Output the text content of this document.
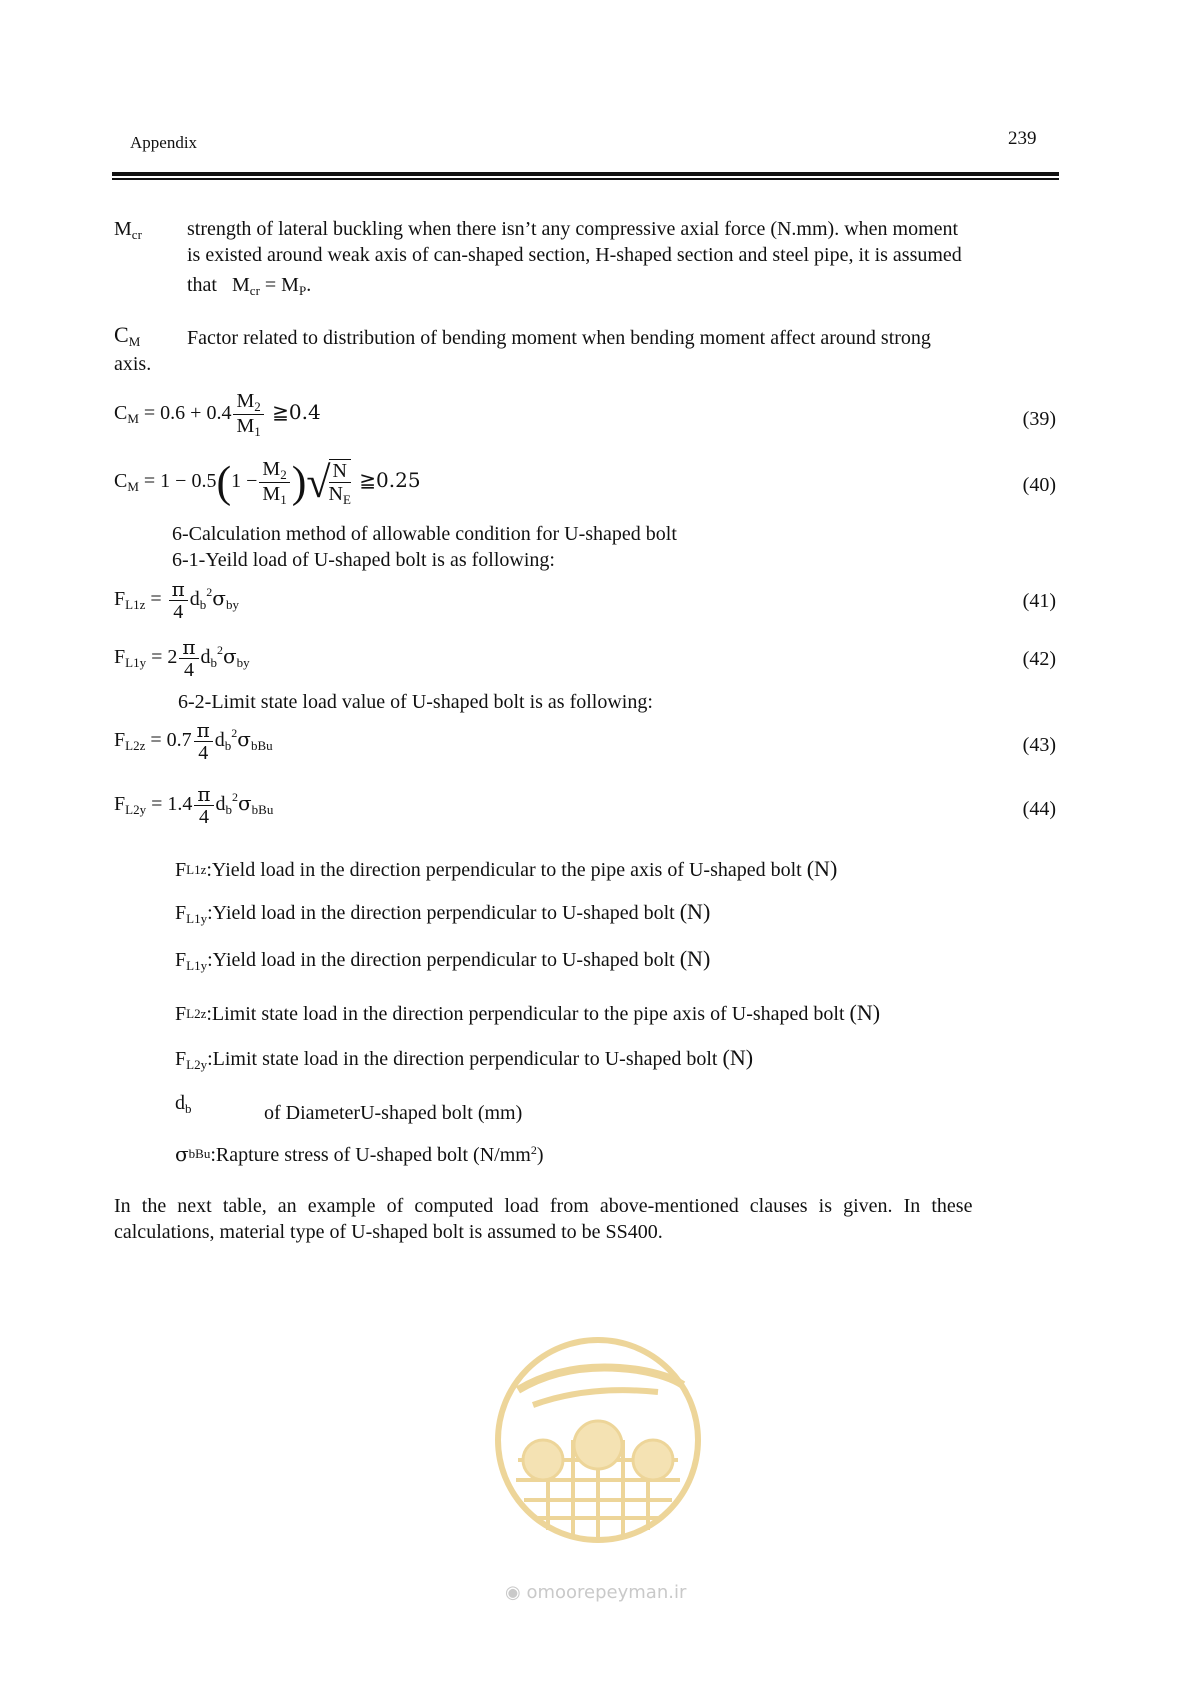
Appendix	239
$M_{cr}$ strength of lateral buckling when there isn’t any compressive axial force (N.mm). when moment
is existed around weak axis of can-shaped section, H-shaped section and steel pipe, it is assumed
that $M_{cr} = M_P$.
CM Factor related to distribution of bending moment when bending moment affect around strong
axis.
$C_M = 0.6 + 0.4 \frac{M_2}{M_1}$ ≧0.4	(39)
$C_M = 1 - 0.5(1 - \frac{M_2}{M_1}$ )√
$\frac{N}{N_E}$ ≧0.25	(40)
6-Calculation method of allowable condition for U-shaped bolt
6-1-Yeild load of U-shaped bolt is as following:
$F_{L1z} = \frac{\pi}{4} d_b^2\sigma_{by}$	(41)
$F_{L1y} = 2 \frac{\pi}{4} d_b^2\sigma_{by}$	(42)
6-2-Limit state load value of U-shaped bolt is as following:
$F_{L2z} = 0.7 \frac{\pi}{4} d_b^2\sigma_{bBu}$	(43)
$F_{L2y} = 1.4 \frac{\pi}{4} d_b^2\sigma_{bBu}$	(44)
FL1z:Yield load in the direction perpendicular to the pipe axis of U-shaped bolt (N)
$F_{L1y}:Yield$ load in the direction perpendicular to U-shaped bolt (N)
$F_{L1y}:Yield$ load in the direction perpendicular to U-shaped bolt (N)
FL2z:Limit state load in the direction perpendicular to the pipe axis of U-shaped bolt (N)
$F_{L2y}:Limit$ state load in the direction perpendicular to U-shaped bolt (N)
$d_b$	of DiameterU-shaped bolt (mm)
σbBu:Rapture stress of U-shaped bolt $(N/mm^2)$
In the next table, an example of computed load from above-mentioned clauses is given. In these
calculations, material type of U-shaped bolt is assumed to be SS400.
◉ omoorepeyman.ir
